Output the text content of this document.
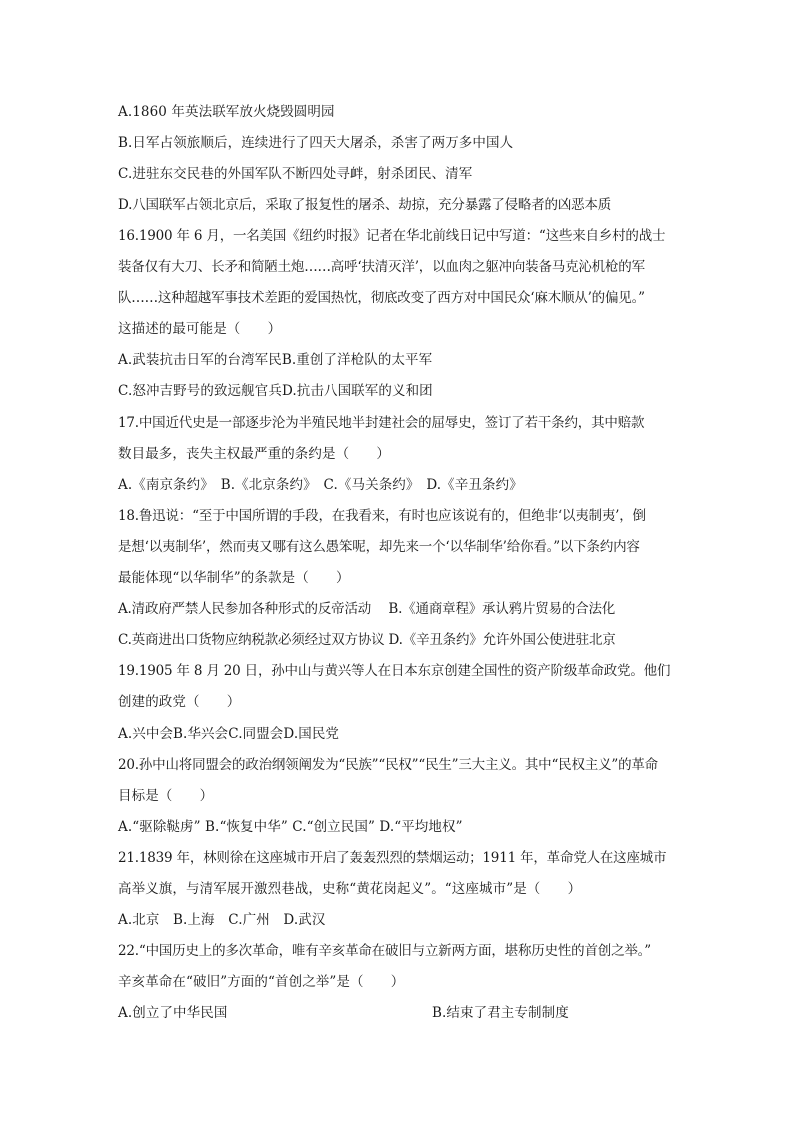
A.1860 年英法联军放火烧毁圆明园
B.日军占领旅顺后，连续进行了四天大屠杀，杀害了两万多中国人
C.进驻东交民巷的外国军队不断四处寻衅，射杀团民、清军
D.八国联军占领北京后，采取了报复性的屠杀、劫掠，充分暴露了侵略者的凶恶本质
16.1900 年 6 月，一名美国《纽约时报》记者在华北前线日记中写道：“这些来自乡村的战士
装备仅有大刀、长矛和简陋土炮……高呼‘扶清灭洋’，以血肉之躯冲向装备马克沁机枪的军
队……这种超越军事技术差距的爱国热忱，彻底改变了西方对中国民众‘麻木顺从’的偏见。”
这描述的最可能是（　　）
A.武装抗击日军的台湾军民B.重创了洋枪队的太平军
C.怒冲吉野号的致远舰官兵D.抗击八国联军的义和团
17.中国近代史是一部逐步沦为半殖民地半封建社会的屈辱史，签订了若干条约，其中赔款
数目最多，丧失主权最严重的条约是（　　）
A.《南京条约》　B.《北京条约》　C.《马关条约》　D.《辛丑条约》
18.鲁迅说：“至于中国所谓的手段，在我看来，有时也应该说有的，但绝非‘以夷制夷’，倒
是想‘以夷制华’，然而夷又哪有这么愚笨呢，却先来一个‘以华制华’给你看。”以下条约内容
最能体现“以华制华”的条款是（　　）
A.清政府严禁人民参加各种形式的反帝活动　 B.《通商章程》承认鸦片贸易的合法化
C.英商进出口货物应纳税款必须经过双方协议 D.《辛丑条约》允许外国公使进驻北京
19.1905 年 8 月 20 日，孙中山与黄兴等人在日本东京创建全国性的资产阶级革命政党。他们
创建的政党（　　）
A.兴中会B.华兴会C.同盟会D.国民党
20.孙中山将同盟会的政治纲领阐发为“民族”“民权”“民生”三大主义。其中“民权主义”的革命
目标是（　　）
A.“驱除鞑虏” B.“恢复中华” C.“创立民国” D.“平均地权”
21.1839 年，林则徐在这座城市开启了轰轰烈烈的禁烟运动；1911 年，革命党人在这座城市
高举义旗，与清军展开激烈巷战，史称“黄花岗起义”。“这座城市”是（　　）
A.北京　B.上海　C.广州　D.武汉
22.“中国历史上的多次革命，唯有辛亥革命在破旧与立新两方面，堪称历史性的首创之举。”
辛亥革命在“破旧”方面的“首创之举”是（　　）
A.创立了中华民国	B.结束了君主专制制度
